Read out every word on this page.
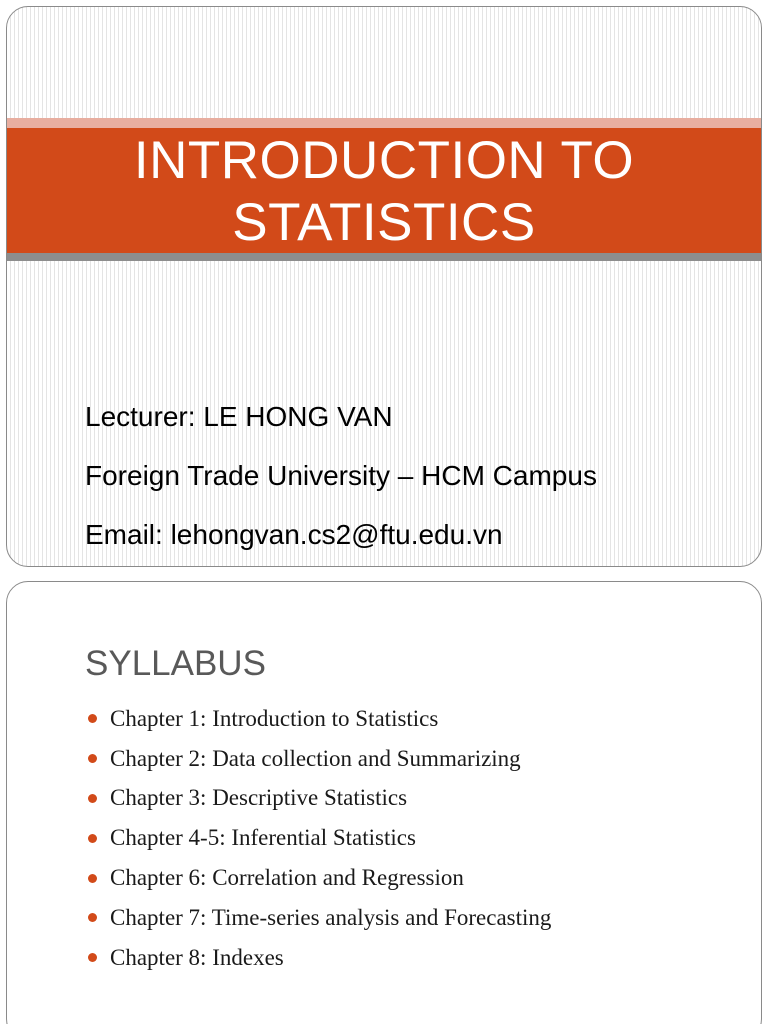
INTRODUCTION TO
STATISTICS
Lecturer: LE HONG VAN
Foreign Trade University – HCM Campus
Email: lehongvan.cs2@ftu.edu.vn
SYLLABUS
Chapter 1: Introduction to Statistics
Chapter 2: Data collection and Summarizing
Chapter 3: Descriptive Statistics
Chapter 4-5: Inferential Statistics
Chapter 6: Correlation and Regression
Chapter 7: Time-series analysis and Forecasting
Chapter 8: Indexes
